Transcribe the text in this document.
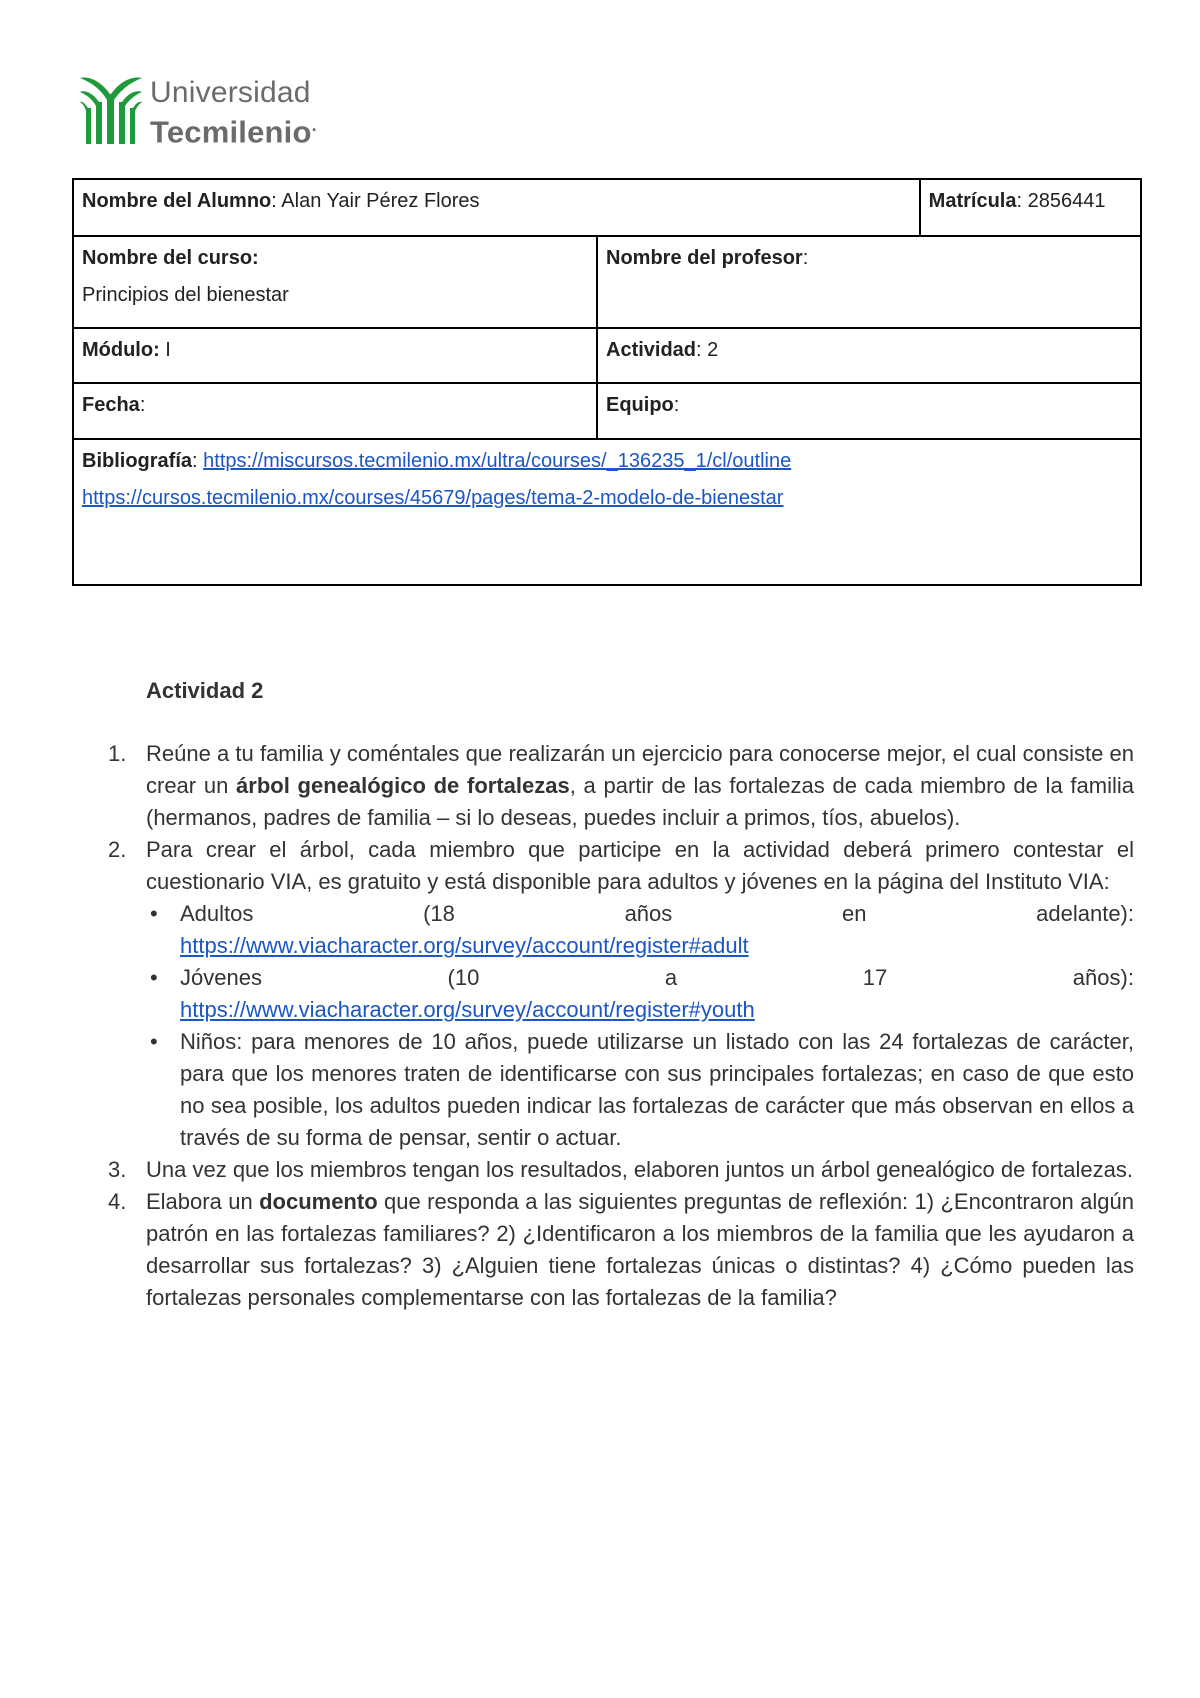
Universidad
Tecmilenio.
Nombre del Alumno: Alan Yair Pérez Flores		Matrícula: 2856441

Nombre del curso:
Principios del bienestar	Nombre del profesor:	
Módulo: I	Actividad: 2	
Fecha:	Equipo:	

Bibliografía: https://miscursos.tecmilenio.mx/ultra/courses/_136235_1/cl/outline
https://cursos.tecmilenio.mx/courses/45679/pages/tema-2-modelo-de-bienestar		
Actividad 2
1. Reúne a tu familia y coméntales que realizarán un ejercicio para conocerse mejor, el cual consiste en crear un árbol genealógico de fortalezas, a partir de las fortalezas de cada miembro de la familia (hermanos, padres de familia – si lo deseas, puedes incluir a primos, tíos, abuelos).
2. Para crear el árbol, cada miembro que participe en la actividad deberá primero contestar el cuestionario VIA, es gratuito y está disponible para adultos y jóvenes en la página del Instituto VIA:
• Adultos	(18	años	en	adelante):
https://www.viacharacter.org/survey/account/register#adult
• Jóvenes	(10	a	17	años):
https://www.viacharacter.org/survey/account/register#youth
• Niños: para menores de 10 años, puede utilizarse un listado con las 24 fortalezas de carácter, para que los menores traten de identificarse con sus principales fortalezas; en caso de que esto no sea posible, los adultos pueden indicar las fortalezas de carácter que más observan en ellos a través de su forma de pensar, sentir o actuar.
3. Una vez que los miembros tengan los resultados, elaboren juntos un árbol genealógico de fortalezas.
4. Elabora un documento que responda a las siguientes preguntas de reflexión: 1) ¿Encontraron algún patrón en las fortalezas familiares? 2) ¿Identificaron a los miembros de la familia que les ayudaron a desarrollar sus fortalezas? 3) ¿Alguien tiene fortalezas únicas o distintas? 4) ¿Cómo pueden las fortalezas personales complementarse con las fortalezas de la familia?
